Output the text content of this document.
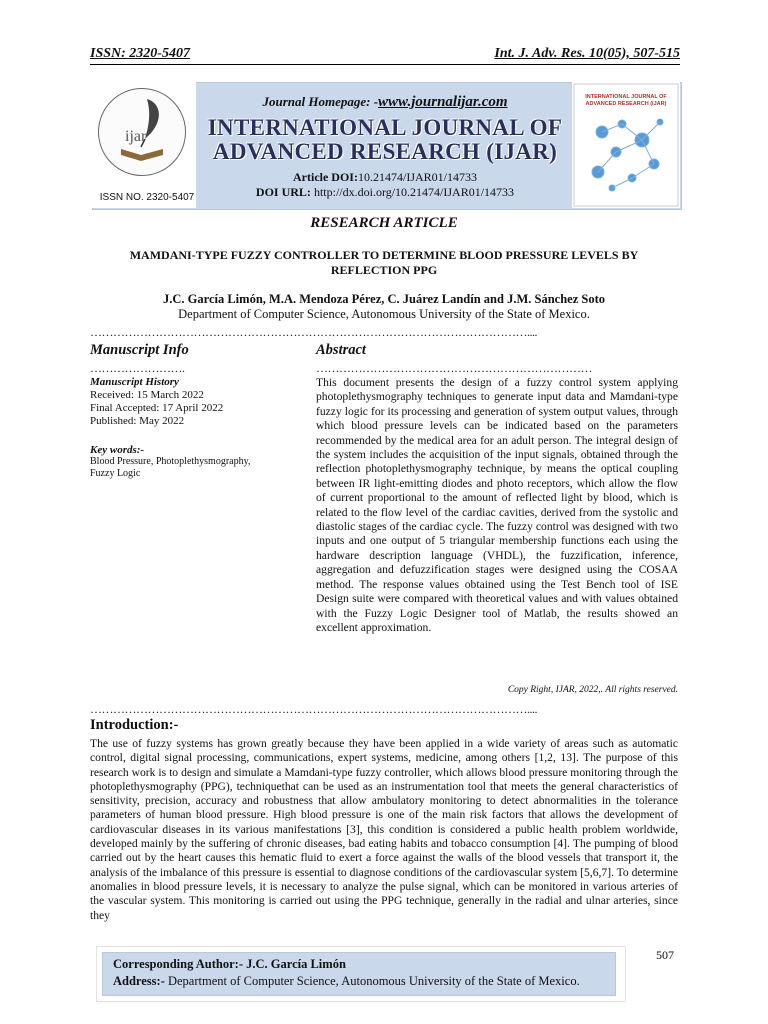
ISSN: 2320-5407	Int. J. Adv. Res. 10(05), 507-515
ijar
ISSN NO. 2320-5407
Journal Homepage: -www.journalijar.com
INTERNATIONAL JOURNAL OF
ADVANCED RESEARCH (IJAR)
Article DOI:10.21474/IJAR01/14733
DOI URL: http://dx.doi.org/10.21474/IJAR01/14733
INTERNATIONAL JOURNAL OF
ADVANCED RESEARCH (IJAR)
RESEARCH ARTICLE
MAMDANI-TYPE FUZZY CONTROLLER TO DETERMINE BLOOD PRESSURE LEVELS BY REFLECTION PPG
J.C. García Limón, M.A. Mendoza Pérez, C. Juárez Landín and J.M. Sánchez Soto
Department of Computer Science, Autonomous University of the State of Mexico.
……………………………………………………………………………………………………....
Manuscript Info
…………………….
Manuscript History
Received: 15 March 2022
Final Accepted: 17 April 2022
Published: May 2022
Key words:-
Blood Pressure, Photoplethysmography, Fuzzy Logic
Abstract
………………………………………………………………
This document presents the design of a fuzzy control system applying photoplethysmography techniques to generate input data and Mamdani-type fuzzy logic for its processing and generation of system output values, through which blood pressure levels can be indicated based on the parameters recommended by the medical area for an adult person. The integral design of the system includes the acquisition of the input signals, obtained through the reflection photoplethysmography technique, by means the optical coupling between IR light-emitting diodes and photo receptors, which allow the flow of current proportional to the amount of reflected light by blood, which is related to the flow level of the cardiac cavities, derived from the systolic and diastolic stages of the cardiac cycle. The fuzzy control was designed with two inputs and one output of 5 triangular membership functions each using the hardware description language (VHDL), the fuzzification, inference, aggregation and defuzzification stages were designed using the COSAA method. The response values obtained using the Test Bench tool of ISE Design suite were compared with theoretical values and with values obtained with the Fuzzy Logic Designer tool of Matlab, the results showed an excellent approximation.
Copy Right, IJAR, 2022,. All rights reserved.
……………………………………………………………………………………………………....
Introduction:-
The use of fuzzy systems has grown greatly because they have been applied in a wide variety of areas such as automatic control, digital signal processing, communications, expert systems, medicine, among others [1,2, 13]. The purpose of this research work is to design and simulate a Mamdani-type fuzzy controller, which allows blood pressure monitoring through the photoplethysmography (PPG), techniquethat can be used as an instrumentation tool that meets the general characteristics of sensitivity, precision, accuracy and robustness that allow ambulatory monitoring to detect abnormalities in the tolerance parameters of human blood pressure. High blood pressure is one of the main risk factors that allows the development of cardiovascular diseases in its various manifestations [3], this condition is considered a public health problem worldwide, developed mainly by the suffering of chronic diseases, bad eating habits and tobacco consumption [4]. The pumping of blood carried out by the heart causes this hematic fluid to exert a force against the walls of the blood vessels that transport it, the analysis of the imbalance of this pressure is essential to diagnose conditions of the cardiovascular system [5,6,7]. To determine anomalies in blood pressure levels, it is necessary to analyze the pulse signal, which can be monitored in various arteries of the vascular system. This monitoring is carried out using the PPG technique, generally in the radial and ulnar arteries, since they
507
Corresponding Author:- J.C. García Limón
Address:- Department of Computer Science, Autonomous University of the State of Mexico.
